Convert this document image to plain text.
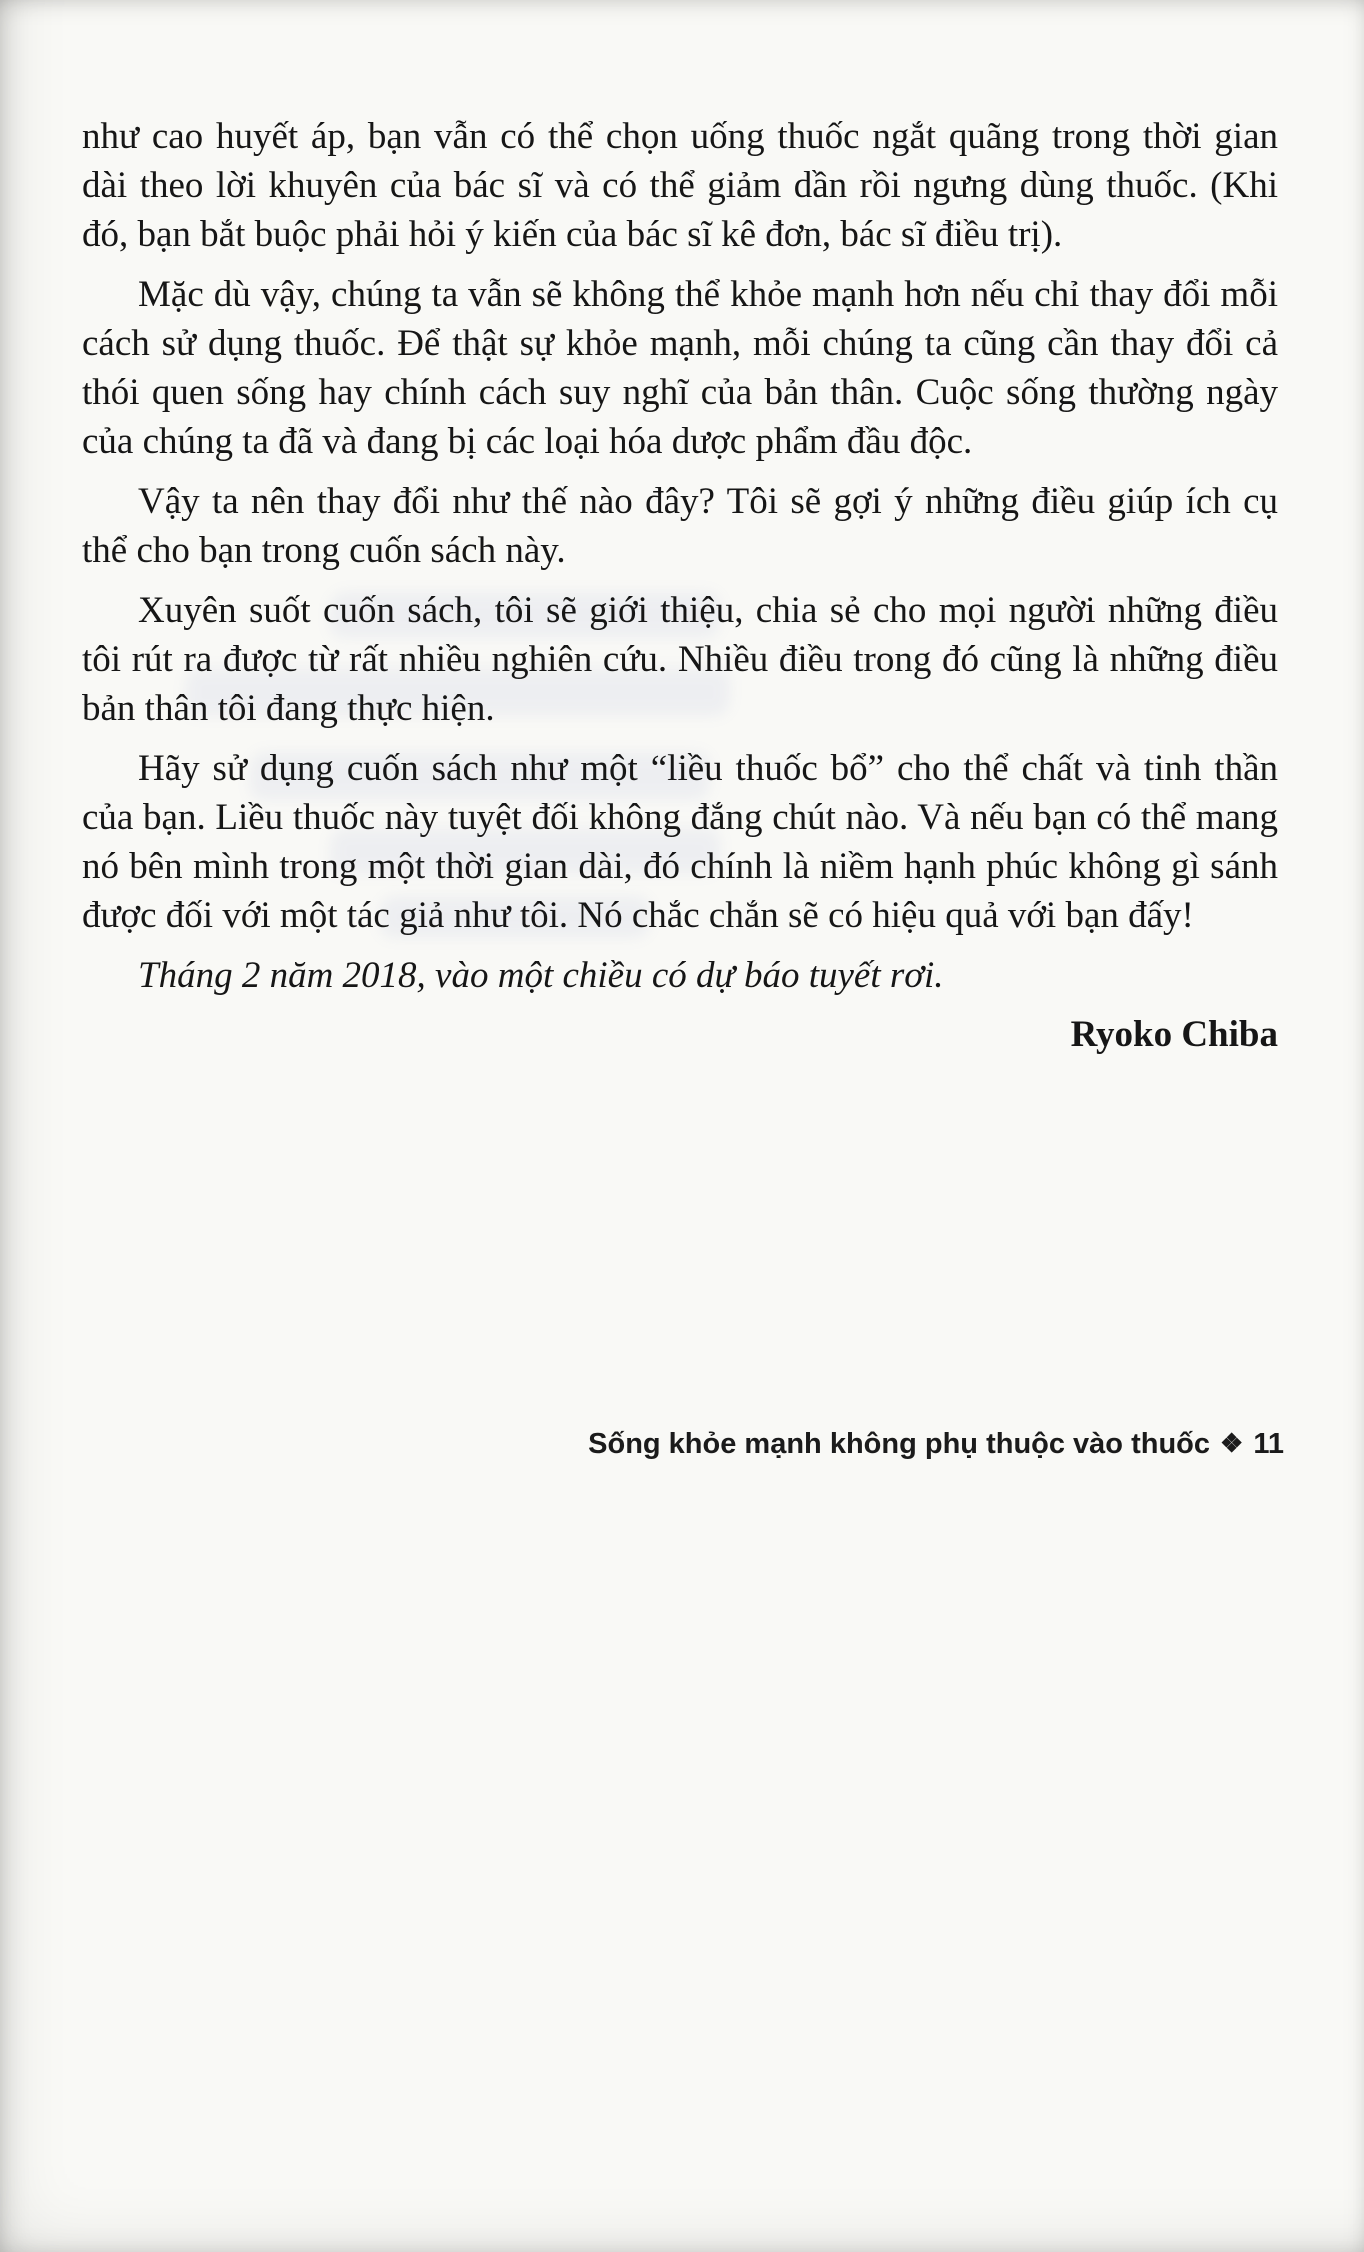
như cao huyết áp, bạn vẫn có thể chọn uống thuốc ngắt quãng trong thời gian dài theo lời khuyên của bác sĩ và có thể giảm dần rồi ngưng dùng thuốc. (Khi đó, bạn bắt buộc phải hỏi ý kiến của bác sĩ kê đơn, bác sĩ điều trị).

Mặc dù vậy, chúng ta vẫn sẽ không thể khỏe mạnh hơn nếu chỉ thay đổi mỗi cách sử dụng thuốc. Để thật sự khỏe mạnh, mỗi chúng ta cũng cần thay đổi cả thói quen sống hay chính cách suy nghĩ của bản thân. Cuộc sống thường ngày của chúng ta đã và đang bị các loại hóa dược phẩm đầu độc.

Vậy ta nên thay đổi như thế nào đây? Tôi sẽ gợi ý những điều giúp ích cụ thể cho bạn trong cuốn sách này.

Xuyên suốt cuốn sách, tôi sẽ giới thiệu, chia sẻ cho mọi người những điều tôi rút ra được từ rất nhiều nghiên cứu. Nhiều điều trong đó cũng là những điều bản thân tôi đang thực hiện.

Hãy sử dụng cuốn sách như một “liều thuốc bổ” cho thể chất và tinh thần của bạn. Liều thuốc này tuyệt đối không đắng chút nào. Và nếu bạn có thể mang nó bên mình trong một thời gian dài, đó chính là niềm hạnh phúc không gì sánh được đối với một tác giả như tôi. Nó chắc chắn sẽ có hiệu quả với bạn đấy!

Tháng 2 năm 2018, vào một chiều có dự báo tuyết rơi.

Ryoko Chiba

Sống khỏe mạnh không phụ thuộc vào thuốc ❖ 11
